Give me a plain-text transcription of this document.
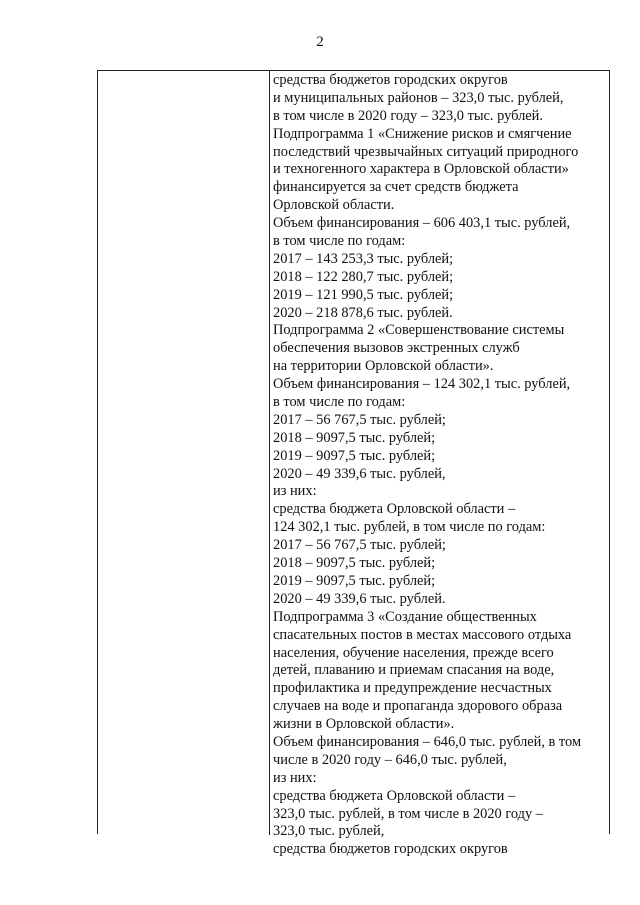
2
средства бюджетов городских округов
и муниципальных районов – 323,0 тыс. рублей,
в том числе в 2020 году – 323,0 тыс. рублей.
Подпрограмма 1 «Снижение рисков и смягчение
последствий чрезвычайных ситуаций природного
и техногенного характера в Орловской области»
финансируется за счет средств бюджета
Орловской области.
Объем финансирования – 606 403,1 тыс. рублей,
в том числе по годам:
2017 – 143 253,3 тыс. рублей;
2018 – 122 280,7 тыс. рублей;
2019 – 121 990,5 тыс. рублей;
2020 – 218 878,6 тыс. рублей.
Подпрограмма 2 «Совершенствование системы
обеспечения вызовов экстренных служб
на территории Орловской области».
Объем финансирования – 124 302,1 тыс. рублей,
в том числе по годам:
2017 – 56 767,5 тыс. рублей;
2018 – 9097,5 тыс. рублей;
2019 – 9097,5 тыс. рублей;
2020 – 49 339,6 тыс. рублей,
из них:
средства бюджета Орловской области –
124 302,1 тыс. рублей, в том числе по годам:
2017 – 56 767,5 тыс. рублей;
2018 – 9097,5 тыс. рублей;
2019 – 9097,5 тыс. рублей;
2020 – 49 339,6 тыс. рублей.
Подпрограмма 3 «Создание общественных
спасательных постов в местах массового отдыха
населения, обучение населения, прежде всего
детей, плаванию и приемам спасания на воде,
профилактика и предупреждение несчастных
случаев на воде и пропаганда здорового образа
жизни в Орловской области».
Объем финансирования – 646,0 тыс. рублей, в том
числе в 2020 году – 646,0 тыс. рублей,
из них:
средства бюджета Орловской области –
323,0 тыс. рублей, в том числе в 2020 году –
323,0 тыс. рублей,
средства бюджетов городских округов
